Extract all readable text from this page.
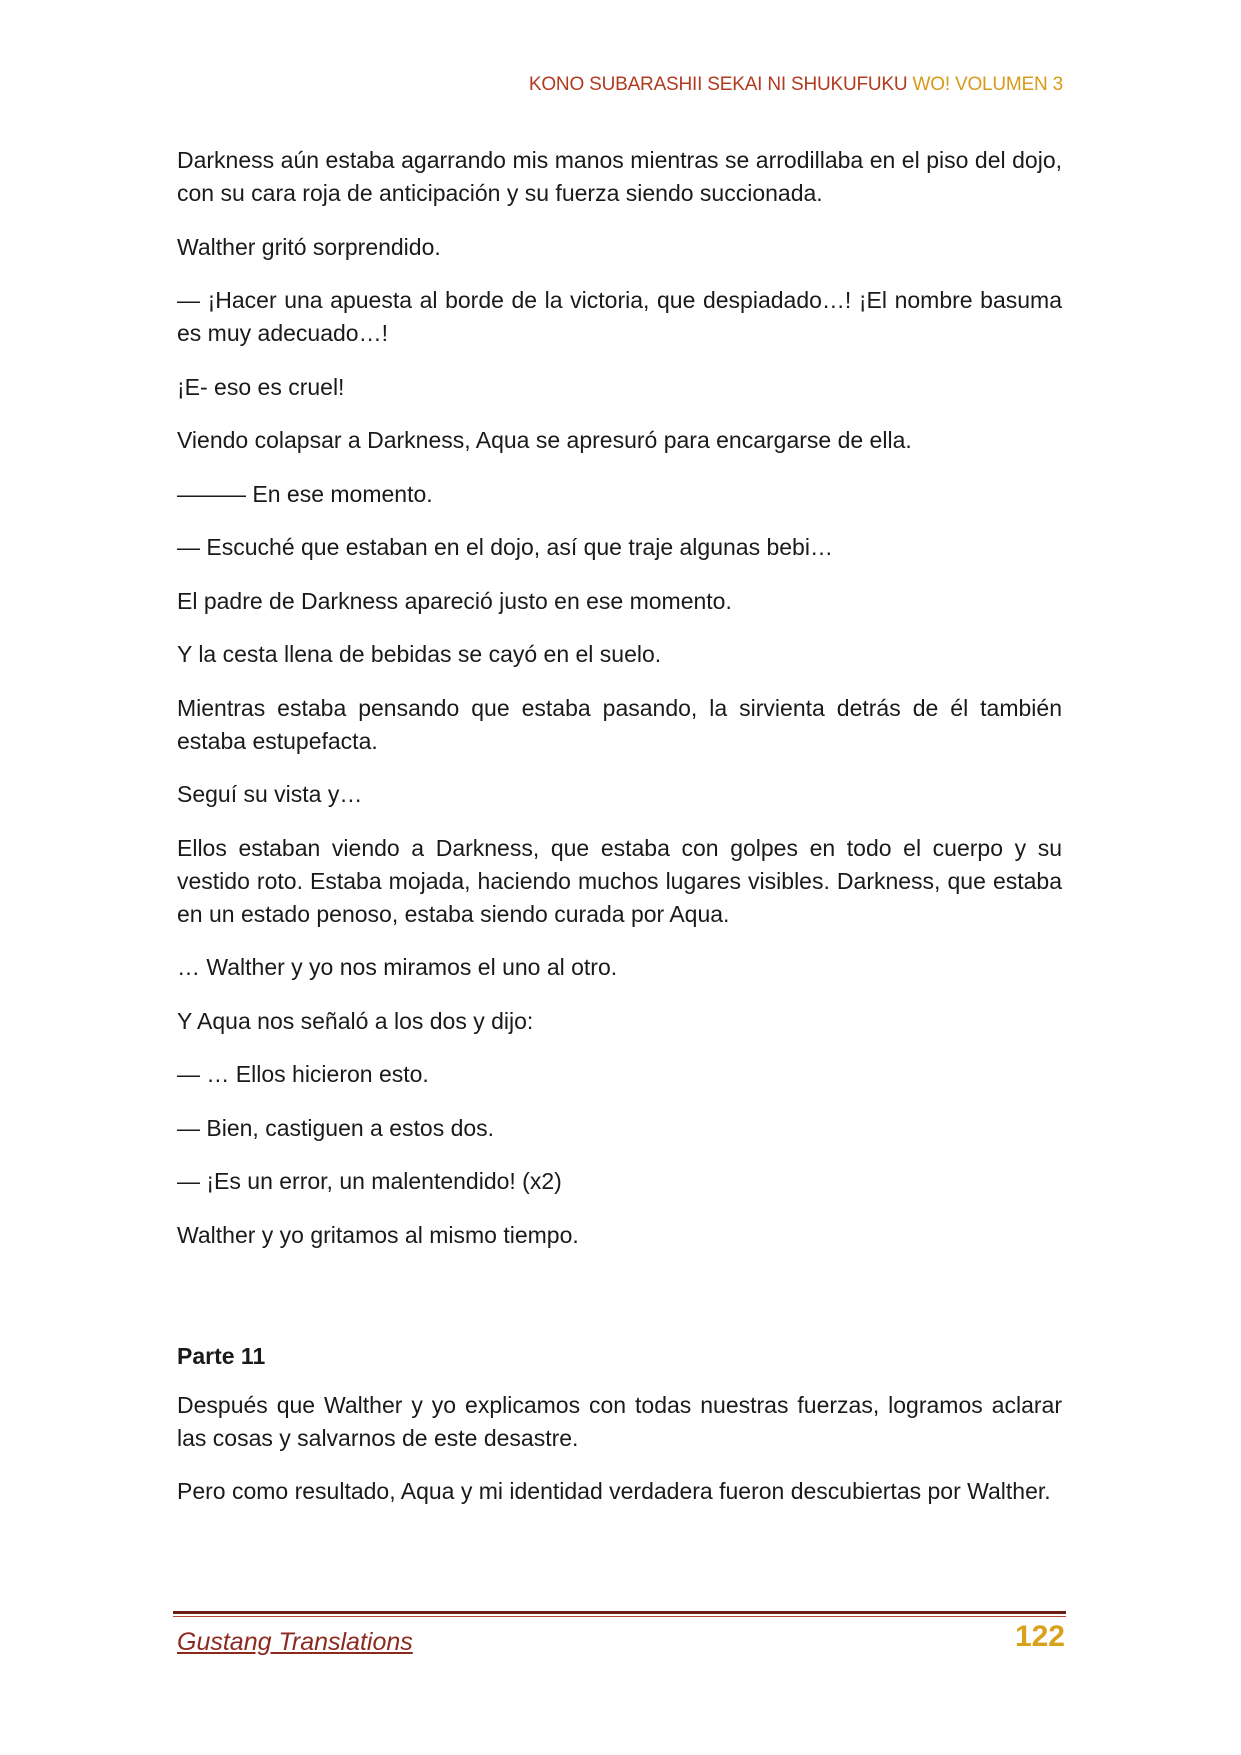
KONO SUBARASHII SEKAI NI SHUKUFUKU WO! VOLUMEN 3

Darkness aún estaba agarrando mis manos mientras se arrodillaba en el piso del dojo, con su cara roja de anticipación y su fuerza siendo succionada.

Walther gritó sorprendido.

— ¡Hacer una apuesta al borde de la victoria, que despiadado…! ¡El nombre basuma es muy adecuado…!

¡E- eso es cruel!

Viendo colapsar a Darkness, Aqua se apresuró para encargarse de ella.

——— En ese momento.

— Escuché que estaban en el dojo, así que traje algunas bebi…

El padre de Darkness apareció justo en ese momento.

Y la cesta llena de bebidas se cayó en el suelo.

Mientras estaba pensando que estaba pasando, la sirvienta detrás de él también estaba estupefacta.

Seguí su vista y…

Ellos estaban viendo a Darkness, que estaba con golpes en todo el cuerpo y su vestido roto. Estaba mojada, haciendo muchos lugares visibles. Darkness, que estaba en un estado penoso, estaba siendo curada por Aqua.

… Walther y yo nos miramos el uno al otro.

Y Aqua nos señaló a los dos y dijo:

— … Ellos hicieron esto.

— Bien, castiguen a estos dos.

— ¡Es un error, un malentendido! (x2)

Walther y yo gritamos al mismo tiempo.

Parte 11

Después que Walther y yo explicamos con todas nuestras fuerzas, logramos aclarar las cosas y salvarnos de este desastre.

Pero como resultado, Aqua y mi identidad verdadera fueron descubiertas por Walther.

Gustang Translations	122
